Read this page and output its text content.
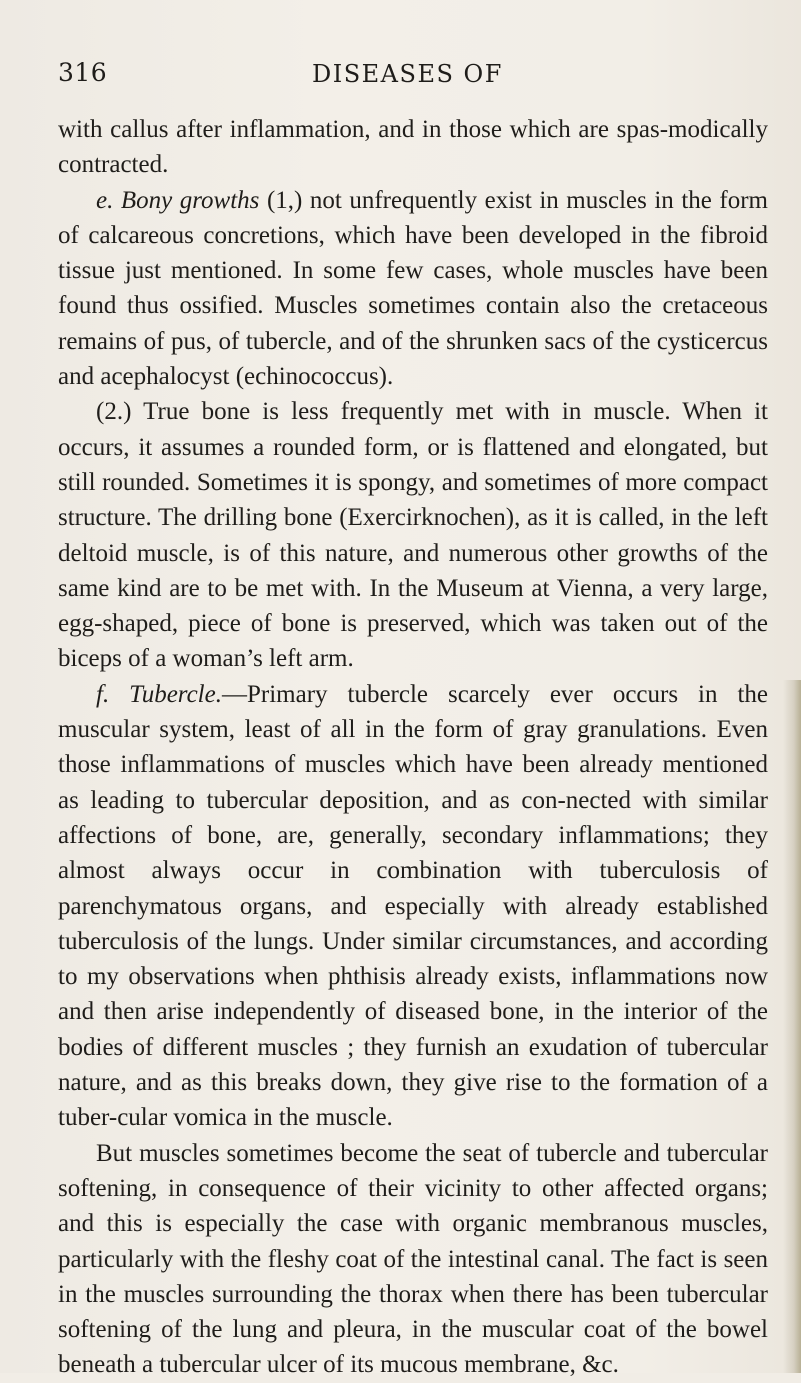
316	DISEASES OF

with callus after inflammation, and in those which are spas-modically contracted.

e. Bony growths (1,) not unfrequently exist in muscles in the form of calcareous concretions, which have been developed in the fibroid tissue just mentioned. In some few cases, whole muscles have been found thus ossified. Muscles sometimes contain also the cretaceous remains of pus, of tubercle, and of the shrunken sacs of the cysticercus and acephalocyst (echinococcus).

(2.) True bone is less frequently met with in muscle. When it occurs, it assumes a rounded form, or is flattened and elongated, but still rounded. Sometimes it is spongy, and sometimes of more compact structure. The drilling bone (Exercirknochen), as it is called, in the left deltoid muscle, is of this nature, and numerous other growths of the same kind are to be met with. In the Museum at Vienna, a very large, egg-shaped, piece of bone is preserved, which was taken out of the biceps of a woman’s left arm.

f. Tubercle.—Primary tubercle scarcely ever occurs in the muscular system, least of all in the form of gray granulations. Even those inflammations of muscles which have been already mentioned as leading to tubercular deposition, and as con-nected with similar affections of bone, are, generally, secondary inflammations; they almost always occur in combination with tuberculosis of parenchymatous organs, and especially with already established tuberculosis of the lungs. Under similar circumstances, and according to my observations when phthisis already exists, inflammations now and then arise independently of diseased bone, in the interior of the bodies of different muscles ; they furnish an exudation of tubercular nature, and as this breaks down, they give rise to the formation of a tuber-cular vomica in the muscle.

But muscles sometimes become the seat of tubercle and tubercular softening, in consequence of their vicinity to other affected organs; and this is especially the case with organic membranous muscles, particularly with the fleshy coat of the intestinal canal. The fact is seen in the muscles surrounding the thorax when there has been tubercular softening of the lung and pleura, in the muscular coat of the bowel beneath a tubercular ulcer of its mucous membrane, &c.
